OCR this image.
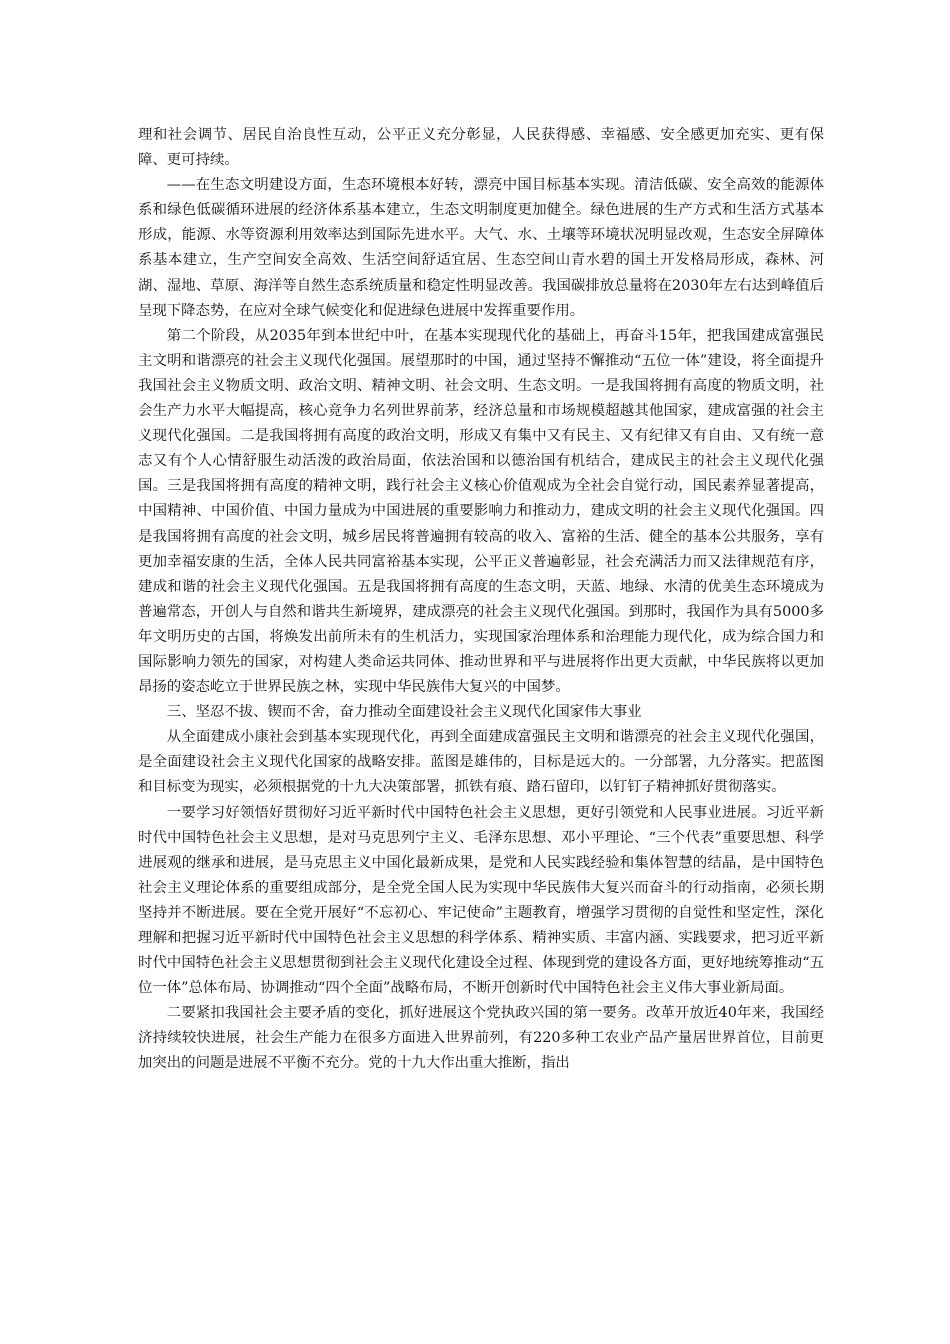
理和社会调节、居民自治良性互动，公平正义充分彰显，人民获得感、幸福感、安全感更加充实、更有保障、更可持续。

——在生态文明建设方面，生态环境根本好转，漂亮中国目标基本实现。清洁低碳、安全高效的能源体系和绿色低碳循环进展的经济体系基本建立，生态文明制度更加健全。绿色进展的生产方式和生活方式基本形成，能源、水等资源利用效率达到国际先进水平。大气、水、土壤等环境状况明显改观，生态安全屏障体系基本建立，生产空间安全高效、生活空间舒适宜居、生态空间山青水碧的国土开发格局形成，森林、河湖、湿地、草原、海洋等自然生态系统质量和稳定性明显改善。我国碳排放总量将在2030年左右达到峰值后呈现下降态势，在应对全球气候变化和促进绿色进展中发挥重要作用。

第二个阶段，从2035年到本世纪中叶，在基本实现现代化的基础上，再奋斗15年，把我国建成富强民主文明和谐漂亮的社会主义现代化强国。展望那时的中国，通过坚持不懈推动“五位一体”建设，将全面提升我国社会主义物质文明、政治文明、精神文明、社会文明、生态文明。一是我国将拥有高度的物质文明，社会生产力水平大幅提高，核心竞争力名列世界前茅，经济总量和市场规模超越其他国家，建成富强的社会主义现代化强国。二是我国将拥有高度的政治文明，形成又有集中又有民主、又有纪律又有自由、又有统一意志又有个人心情舒服生动活泼的政治局面，依法治国和以德治国有机结合，建成民主的社会主义现代化强国。三是我国将拥有高度的精神文明，践行社会主义核心价值观成为全社会自觉行动，国民素养显著提高，中国精神、中国价值、中国力量成为中国进展的重要影响力和推动力，建成文明的社会主义现代化强国。四是我国将拥有高度的社会文明，城乡居民将普遍拥有较高的收入、富裕的生活、健全的基本公共服务，享有更加幸福安康的生活，全体人民共同富裕基本实现，公平正义普遍彰显，社会充满活力而又法律规范有序，建成和谐的社会主义现代化强国。五是我国将拥有高度的生态文明，天蓝、地绿、水清的优美生态环境成为普遍常态，开创人与自然和谐共生新境界，建成漂亮的社会主义现代化强国。到那时，我国作为具有5000多年文明历史的古国，将焕发出前所未有的生机活力，实现国家治理体系和治理能力现代化，成为综合国力和国际影响力领先的国家，对构建人类命运共同体、推动世界和平与进展将作出更大贡献，中华民族将以更加昂扬的姿态屹立于世界民族之林，实现中华民族伟大复兴的中国梦。

三、坚忍不拔、锲而不舍，奋力推动全面建设社会主义现代化国家伟大事业

从全面建成小康社会到基本实现现代化，再到全面建成富强民主文明和谐漂亮的社会主义现代化强国，是全面建设社会主义现代化国家的战略安排。蓝图是雄伟的，目标是远大的。一分部署，九分落实。把蓝图和目标变为现实，必须根据党的十九大决策部署，抓铁有痕、踏石留印，以钉钉子精神抓好贯彻落实。

一要学习好领悟好贯彻好习近平新时代中国特色社会主义思想，更好引领党和人民事业进展。习近平新时代中国特色社会主义思想，是对马克思列宁主义、毛泽东思想、邓小平理论、“三个代表”重要思想、科学进展观的继承和进展，是马克思主义中国化最新成果，是党和人民实践经验和集体智慧的结晶，是中国特色社会主义理论体系的重要组成部分，是全党全国人民为实现中华民族伟大复兴而奋斗的行动指南，必须长期坚持并不断进展。要在全党开展好“不忘初心、牢记使命”主题教育，增强学习贯彻的自觉性和坚定性，深化理解和把握习近平新时代中国特色社会主义思想的科学体系、精神实质、丰富内涵、实践要求，把习近平新时代中国特色社会主义思想贯彻到社会主义现代化建设全过程、体现到党的建设各方面，更好地统筹推动“五位一体”总体布局、协调推动“四个全面”战略布局，不断开创新时代中国特色社会主义伟大事业新局面。

二要紧扣我国社会主要矛盾的变化，抓好进展这个党执政兴国的第一要务。改革开放近40年来，我国经济持续较快进展，社会生产能力在很多方面进入世界前列，有220多种工农业产品产量居世界首位，目前更加突出的问题是进展不平衡不充分。党的十九大作出重大推断，指出
